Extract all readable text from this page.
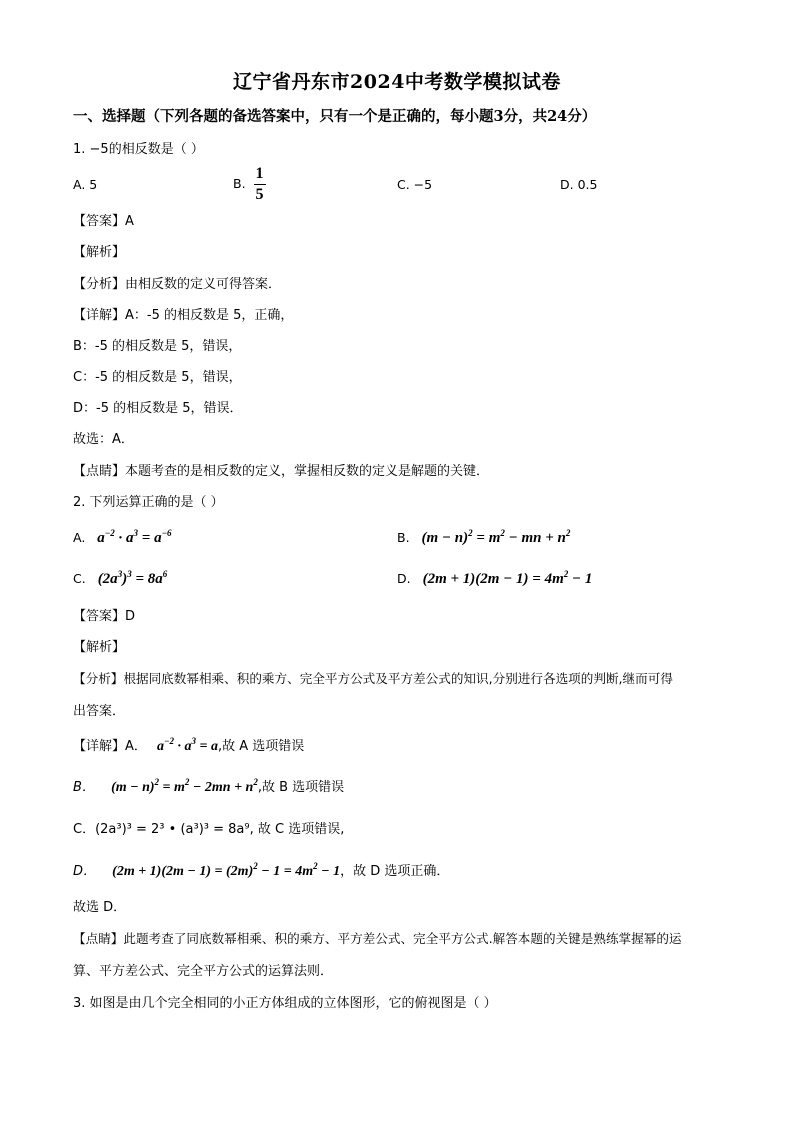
辽宁省丹东市2024中考数学模拟试卷
一、选择题（下列各题的备选答案中，只有一个是正确的，每小题3分，共24分）
1. −5的相反数是（ ）
A. 5	B. $\frac{1}{5}$	C. −5	D. 0.5
【答案】A
【解析】
【分析】由相反数的定义可得答案．
【详解】A：-5 的相反数是 5，正确，
B：-5 的相反数是 5，错误，
C：-5 的相反数是 5，错误，
D：-5 的相反数是 5，错误．
故选：A．
【点睛】本题考查的是相反数的定义，掌握相反数的定义是解题的关键．
2. 下列运算正确的是（ ）
A. $a^{-2} \cdot a^3 = a^{-6}$	B. $(m - n)^2 = m^2$ − mn + $n^2$
C. $(2a^3)^3 = 8a^6$	D. $(2m + 1)(2m - 1) = 4m^2 - 1$
【答案】D
【解析】
【分析】根据同底数幂相乘、积的乘方、完全平方公式及平方差公式的知识,分别进行各选项的判断,继而可得
出答案．
【详解】A． $a^{-2} \cdot a^3 = a$,故 A 选项错误
B． $(m - n)^2 = m^2 - 2mn + n^2$,故 B 选项错误
C．(2a³)³ = 2³ • (a³)³ = 8a⁹, 故 C 选项错误,
D． $(2m + 1)(2m - 1) = (2m)^2 - 1 = 4m^2 - 1$，故 D 选项正确．
故选 D．
【点睛】此题考查了同底数幂相乘、积的乘方、平方差公式、完全平方公式.解答本题的关键是熟练掌握幂的运
算、平方差公式、完全平方公式的运算法则．
3. 如图是由几个完全相同的小正方体组成的立体图形，它的俯视图是（ ）
